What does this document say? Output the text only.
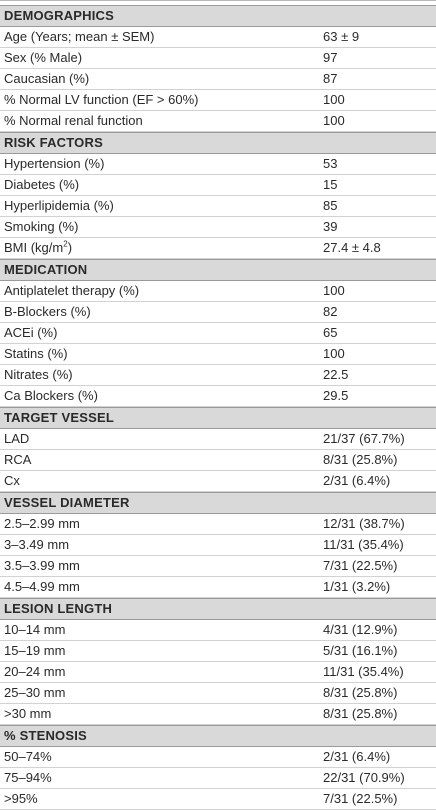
DEMOGRAPHICS
Age (Years; mean ± SEM)	63 ± 9
Sex (% Male)	97
Caucasian (%)	87
% Normal LV function (EF > 60%)	100
% Normal renal function	100
RISK FACTORS
Hypertension (%)	53
Diabetes (%)	15
Hyperlipidemia (%)	85
Smoking (%)	39
BMI $(kg/m^2)$	27.4 ± 4.8
MEDICATION
Antiplatelet therapy (%)	100
B-Blockers (%)	82
ACEi (%)	65
Statins (%)	100
Nitrates (%)	22.5
Ca Blockers (%)	29.5
TARGET VESSEL
LAD	21/37 (67.7%)
RCA	8/31 (25.8%)
Cx	2/31 (6.4%)
VESSEL DIAMETER
2.5–2.99 mm	12/31 (38.7%)
3–3.49 mm	11/31 (35.4%)
3.5–3.99 mm	7/31 (22.5%)
4.5–4.99 mm	1/31 (3.2%)
LESION LENGTH
10–14 mm	4/31 (12.9%)
15–19 mm	5/31 (16.1%)
20–24 mm	11/31 (35.4%)
25–30 mm	8/31 (25.8%)
>30 mm	8/31 (25.8%)
% STENOSIS
50–74%	2/31 (6.4%)
75–94%	22/31 (70.9%)
>95%	7/31 (22.5%)
